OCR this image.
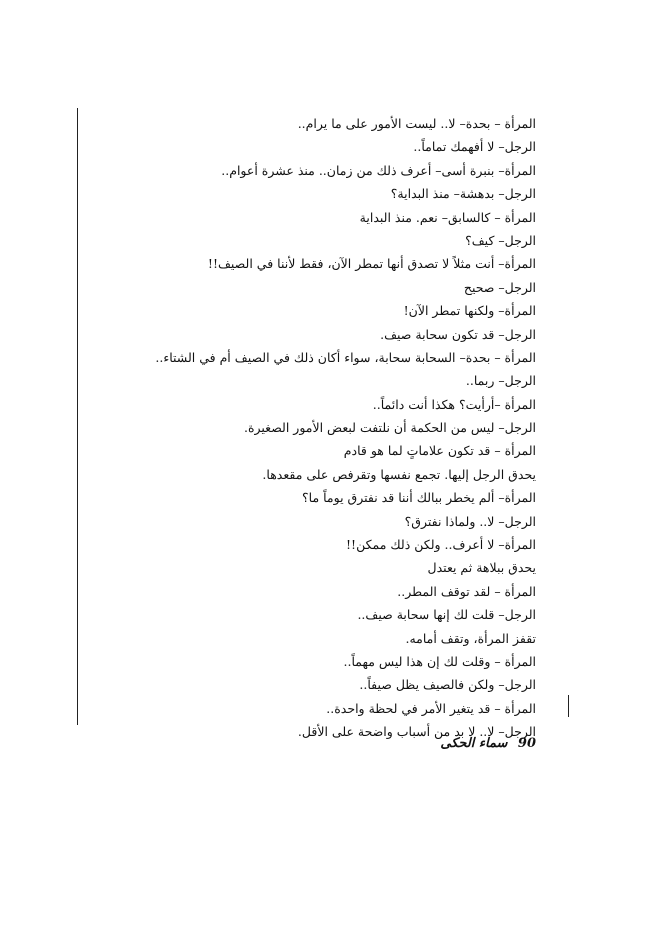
المرأة – بحدة– لا.. ليست الأمور على ما يرام..
الرجل– لا أفهمك تماماً..
المرأة– بنبرة أسى– أعرف ذلك من زمان.. منذ عشرة أعوام..
الرجل– بدهشة– منذ البداية؟
المرأة – كالسابق– نعم. منذ البداية
الرجل– كيف؟
المرأة– أنت مثلاً لا تصدق أنها تمطر الآن، فقط لأننا في الصيف!!
الرجل– صحيح
المرأة– ولكنها تمطر الآن!
الرجل– قد تكون سحابة صيف.
المرأة – بحدة– السحابة سحابة، سواء أكان ذلك في الصيف أم في الشتاء..
الرجل– ربما..
المرأة –أرأيت؟ هكذا أنت دائماً..
الرجل– ليس من الحكمة أن نلتفت لبعض الأمور الصغيرة.
المرأة – قد تكون علاماتٍ لما هو قادم
يحدق الرجل إليها. تجمع نفسها وتقرفص على مقعدها.
المرأة– ألم يخطر ببالك أننا قد نفترق يوماً ما؟
الرجل– لا.. ولماذا نفترق؟
المرأة– لا أعرف.. ولكن ذلك ممكن!!
يحدق ببلاهة ثم يعتدل
المرأة – لقد توقف المطر..
الرجل– قلت لك إنها سحابة صيف..
تقفز المرأة، وتقف أمامه.
المرأة – وقلت لك إن هذا ليس مهماً..
الرجل– ولكن فالصيف يظل صيفاً..
المرأة – قد يتغير الأمر في لحظة واحدة..
الرجل– لا.. لا بد من أسباب واضحة على الأقل.
90 سماء الحكى
